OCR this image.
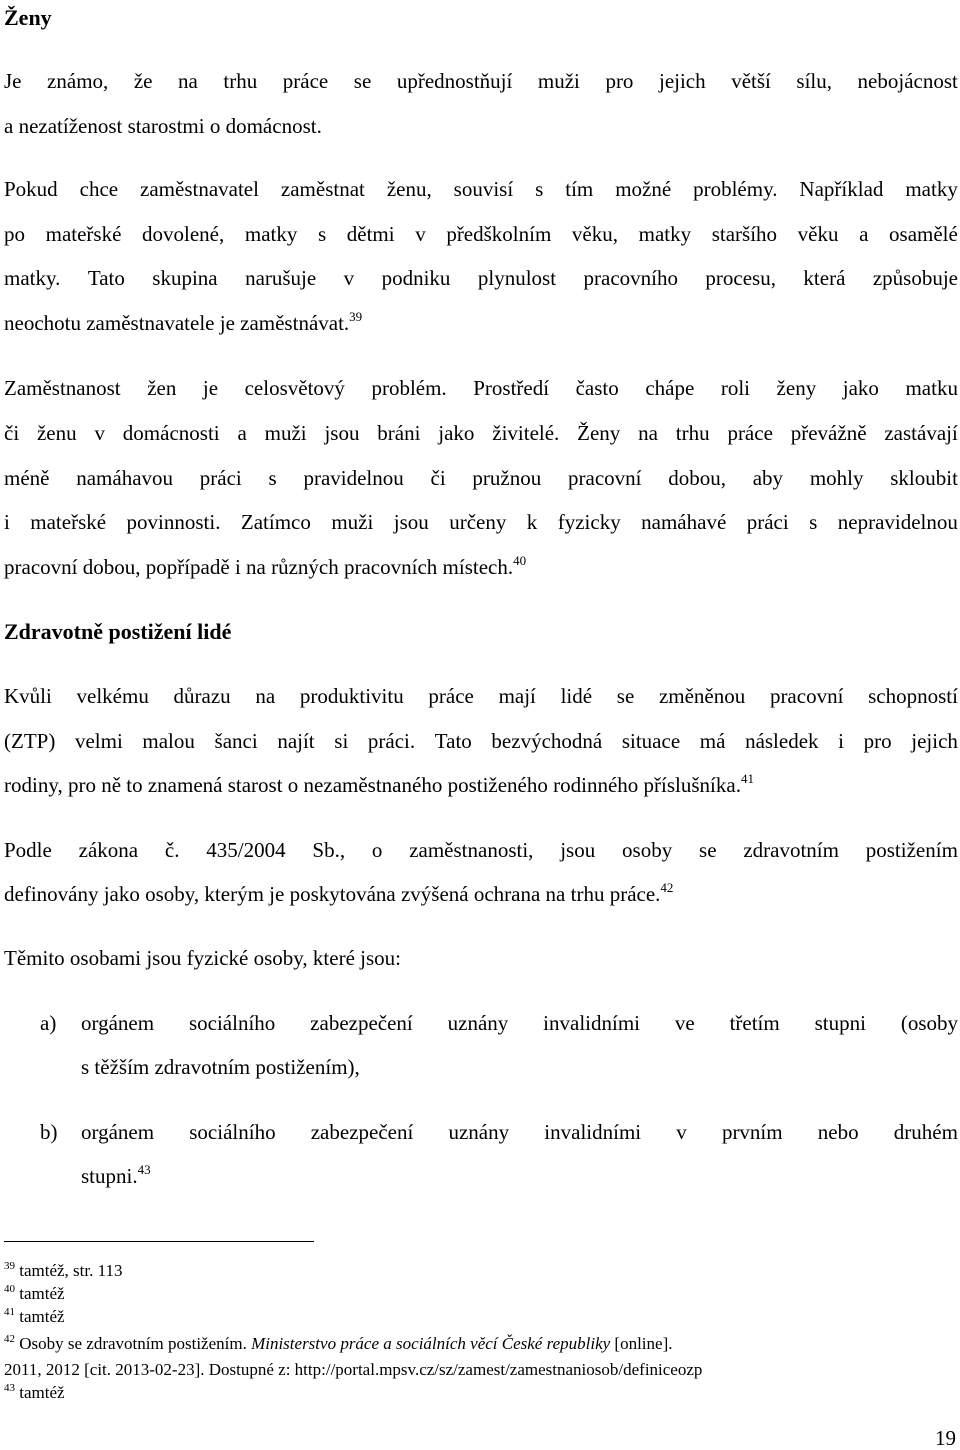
Ženy
Je známo, že na trhu práce se upřednostňují muži pro jejich větší sílu, nebojácnost
a nezatíženost starostmi o domácnost.
Pokud chce zaměstnavatel zaměstnat ženu, souvisí s tím možné problémy. Například matky
po mateřské dovolené, matky s dětmi v předškolním věku, matky staršího věku a osamělé
matky. Tato skupina narušuje v podniku plynulost pracovního procesu, která způsobuje
neochotu zaměstnavatele je zaměstnávat.$^{39}$
Zaměstnanost žen je celosvětový problém. Prostředí často chápe roli ženy jako matku
či ženu v domácnosti a muži jsou bráni jako živitelé. Ženy na trhu práce převážně zastávají
méně namáhavou práci s pravidelnou či pružnou pracovní dobou, aby mohly skloubit
i mateřské povinnosti. Zatímco muži jsou určeny k fyzicky namáhavé práci s nepravidelnou
pracovní dobou, popřípadě i na různých pracovních místech.$^{40}$
Zdravotně postižení lidé
Kvůli velkému důrazu na produktivitu práce mají lidé se změněnou pracovní schopností
(ZTP) velmi malou šanci najít si práci. Tato bezvýchodná situace má následek i pro jejich
rodiny, pro ně to znamená starost o nezaměstnaného postiženého rodinného příslušníka.$^{41}$
Podle zákona č. 435/2004 Sb., o zaměstnanosti, jsou osoby se zdravotním postižením
definovány jako osoby, kterým je poskytována zvýšená ochrana na trhu práce.$^{42}$
Těmito osobami jsou fyzické osoby, které jsou:
a) orgánem sociálního zabezpečení uznány invalidními ve třetím stupni (osoby
s těžším zdravotním postižením),
b) orgánem sociálního zabezpečení uznány invalidními v prvním nebo druhém
stupni.$^{43}$
$^{39}$ tamtéž, str. 113
$^{40}$ tamtéž
$^{41}$ tamtéž
$^{42}$ Osoby se zdravotním postižením. Ministerstvo práce a sociálních věcí České republiky [online].
2011, 2012 [cit. 2013-02-23]. Dostupné z: http://portal.mpsv.cz/sz/zamest/zamestnaniosob/definiceozp
$^{43}$ tamtéž
19
